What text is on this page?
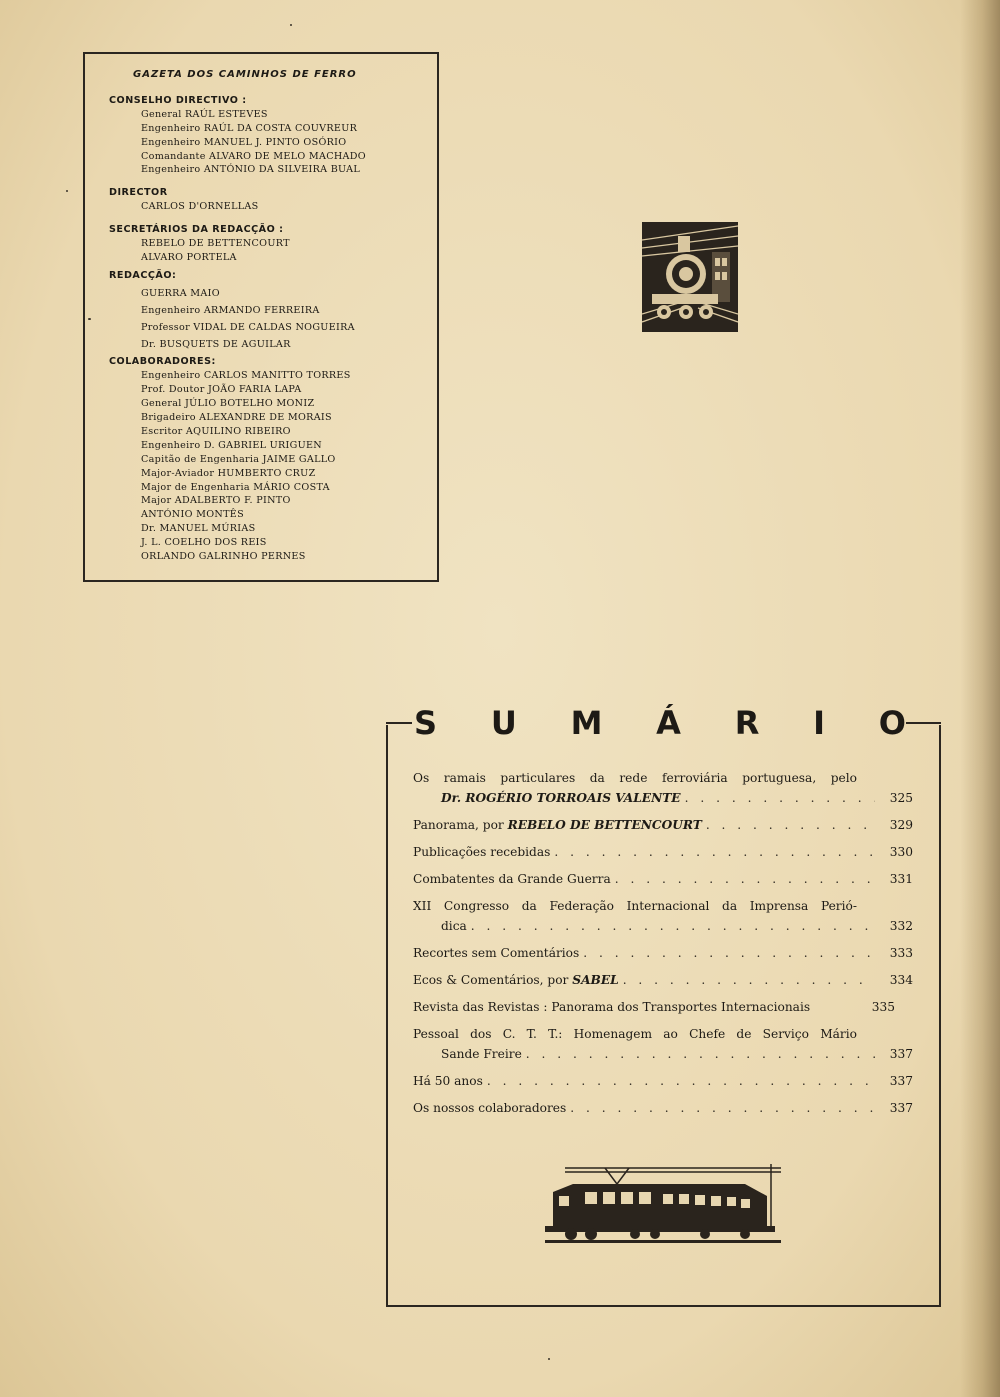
GAZETA DOS CAMINHOS DE FERRO
CONSELHO DIRECTIVO :
General RAÚL ESTEVES
Engenheiro RAÚL DA COSTA COUVREUR
Engenheiro MANUEL J. PINTO OSÓRIO
Comandante ALVARO DE MELO MACHADO
Engenheiro ANTÓNIO DA SILVEIRA BUAL
DIRECTOR
CARLOS D'ORNELLAS
SECRETÁRIOS DA REDACÇÃO :
REBELO DE BETTENCOURT
ALVARO PORTELA
REDACÇÃO:
GUERRA MAIO
Engenheiro ARMANDO FERREIRA
Professor VIDAL DE CALDAS NOGUEIRA
Dr. BUSQUETS DE AGUILAR
COLABORADORES:
Engenheiro CARLOS MANITTO TORRES
Prof. Doutor JOÃO FARIA LAPA
General JÚLIO BOTELHO MONIZ
Brigadeiro ALEXANDRE DE MORAIS
Escritor AQUILINO RIBEIRO
Engenheiro D. GABRIEL URIGUEN
Capitão de Engenharia JAIME GALLO
Major-Aviador HUMBERTO CRUZ
Major de Engenharia MÁRIO COSTA
Major ADALBERTO F. PINTO
ANTÓNIO MONTÊS
Dr. MANUEL MÚRIAS
J. L. COELHO DOS REIS
ORLANDO GALRINHO PERNES
S U M Á R I O
Os ramais particulares da rede ferroviária portuguesa, pelo
Dr. ROGÉRIO TORROAIS VALENTE . . .	325
Panorama, por
REBELO DE BETTENCOURT . . .	329
Publicações recebidas . . .	330
Combatentes da Grande Guerra . . .	331
XII Congresso da Federação Internacional da Imprensa Perió-
dica . . .	332
Recortes sem Comentários . . .	333
Ecos & Comentários, por
SABEL . . .	334
Revista das Revistas : Panorama dos Transportes Internacionais	335
Pessoal dos C. T. T.: Homenagem ao Chefe de Serviço Mário
Sande Freire . . .	337
Há 50 anos . . .	337
Os nossos colaboradores . . .	337
